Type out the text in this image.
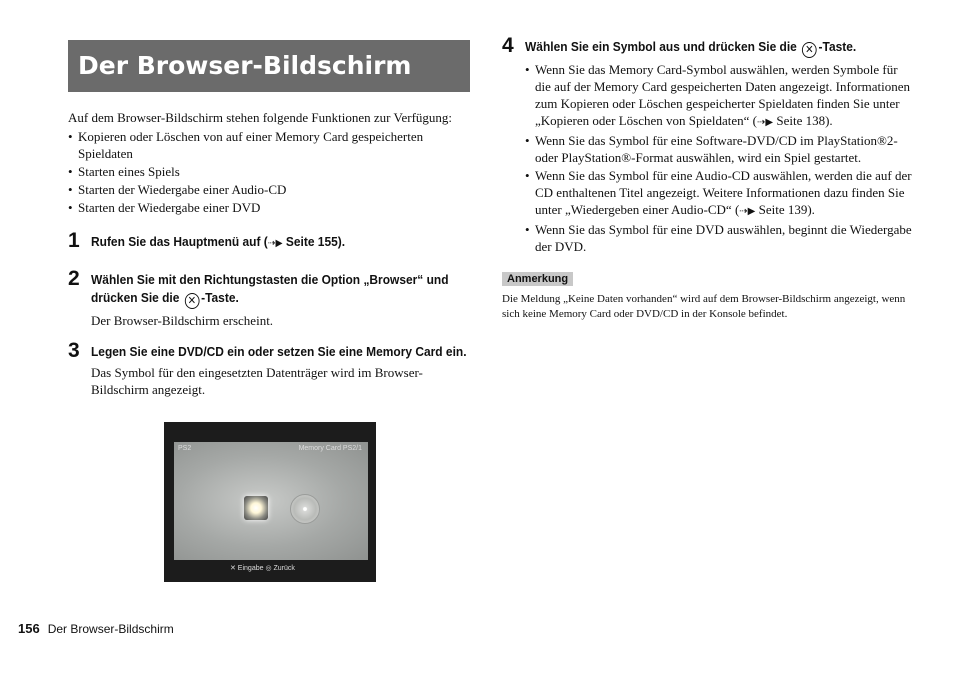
Der Browser-Bildschirm

Auf dem Browser-Bildschirm stehen folgende Funktionen zur Verfügung:

• Kopieren oder Löschen von auf einer Memory Card gespeicherten Spieldaten
• Starten eines Spiels
• Starten der Wiedergabe einer Audio-CD
• Starten der Wiedergabe einer DVD
1 Rufen Sie das Hauptmenü auf (⇢▶ Seite 155).
2 Wählen Sie mit den Richtungstasten die Option „Browser“ und drücken Sie die ✕ -Taste.
Der Browser-Bildschirm erscheint.
3 Legen Sie eine DVD/CD ein oder setzen Sie eine Memory Card ein.
Das Symbol für den eingesetzten Datenträger wird im Browser-Bildschirm angezeigt.
PS2	Memory Card PS2/1
✕ Eingabe ◎ Zurück
4 Wählen Sie ein Symbol aus und drücken Sie die ✕ -Taste.
• Wenn Sie das Memory Card-Symbol auswählen, werden Symbole für die auf der Memory Card gespeicherten Daten angezeigt. Informationen zum Kopieren oder Löschen gespeicherter Spieldaten finden Sie unter „Kopieren oder Löschen von Spieldaten“ (⇢▶ Seite 138).
• Wenn Sie das Symbol für eine Software-DVD/CD im PlayStation®2- oder PlayStation®-Format auswählen, wird ein Spiel gestartet.
• Wenn Sie das Symbol für eine Audio-CD auswählen, werden die auf der CD enthaltenen Titel angezeigt. Weitere Informationen dazu finden Sie unter „Wiedergeben einer Audio-CD“ (⇢▶ Seite 139).
• Wenn Sie das Symbol für eine DVD auswählen, beginnt die Wiedergabe der DVD.
Anmerkung
Die Meldung „Keine Daten vorhanden“ wird auf dem Browser-Bildschirm angezeigt, wenn sich keine Memory Card oder DVD/CD in der Konsole befindet.
156 Der Browser-Bildschirm
